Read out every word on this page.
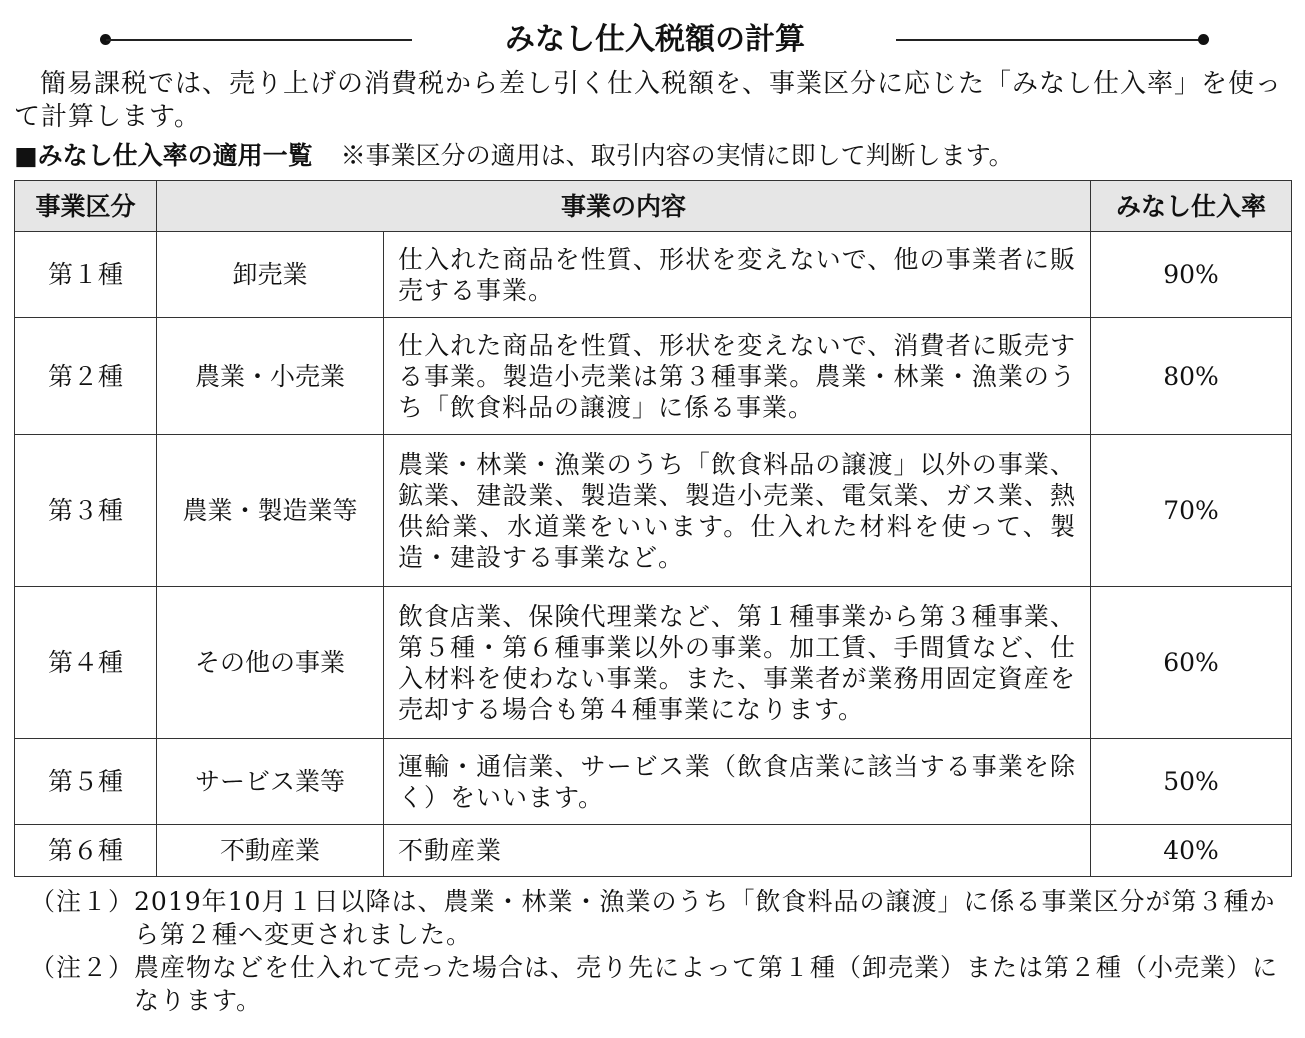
みなし仕入税額の計算
簡易課税では、売り上げの消費税から差し引く仕入税額を、事業区分に応じた「みなし仕入率」を使って計算します。
■みなし仕入率の適用一覧 ※事業区分の適用は、取引内容の実情に即して判断します。
事業区分	事業の内容		みなし仕入率
第１種	卸売業	仕入れた商品を性質、形状を変えないで、他の事業者に販売する事業。	90%
第２種	農業・小売業	仕入れた商品を性質、形状を変えないで、消費者に販売する事業。製造小売業は第３種事業。農業・林業・漁業のうち「飲食料品の譲渡」に係る事業。	80%
第３種	農業・製造業等	農業・林業・漁業のうち「飲食料品の譲渡」以外の事業、鉱業、建設業、製造業、製造小売業、電気業、ガス業、熱供給業、水道業をいいます。仕入れた材料を使って、製造・建設する事業など。	70%
第４種	その他の事業	飲食店業、保険代理業など、第１種事業から第３種事業、第５種・第６種事業以外の事業。加工賃、手間賃など、仕入材料を使わない事業。また、事業者が業務用固定資産を売却する場合も第４種事業になります。	60%
第５種	サービス業等	運輸・通信業、サービス業（飲食店業に該当する事業を除く）をいいます。	50%
第６種	不動産業	不動産業	40%
（注１） 2019年10月１日以降は、農業・林業・漁業のうち「飲食料品の譲渡」に係る事業区分が第３種から第２種へ変更されました。
（注２） 農産物などを仕入れて売った場合は、売り先によって第１種（卸売業）または第２種（小売業）になります。
